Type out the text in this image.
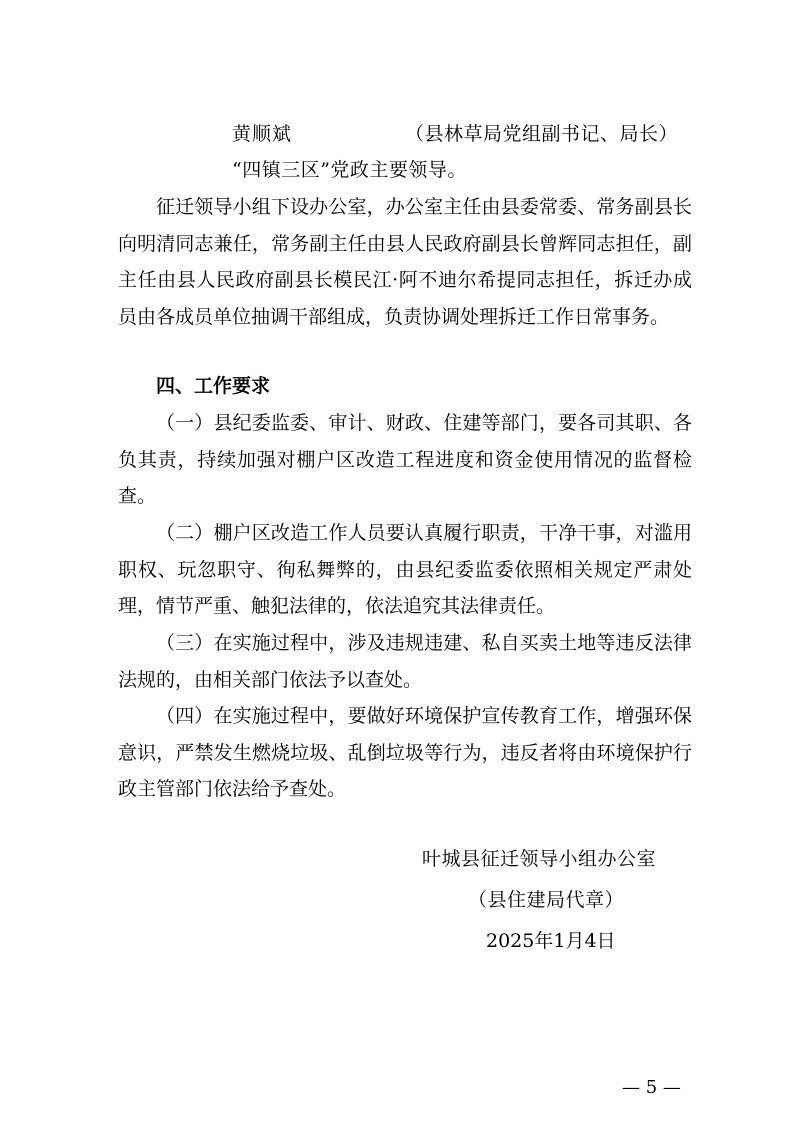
黄顺斌	（县林草局党组副书记、局长）
“四镇三区”党政主要领导。

征迁领导小组下设办公室，办公室主任由县委常委、常务副县长向明清同志兼任，常务副主任由县人民政府副县长曾辉同志担任，副主任由县人民政府副县长模民江·阿不迪尔希提同志担任，拆迁办成员由各成员单位抽调干部组成，负责协调处理拆迁工作日常事务。

四、工作要求

（一）县纪委监委、审计、财政、住建等部门，要各司其职、各负其责，持续加强对棚户区改造工程进度和资金使用情况的监督检查。

（二）棚户区改造工作人员要认真履行职责，干净干事，对滥用职权、玩忽职守、徇私舞弊的，由县纪委监委依照相关规定严肃处理，情节严重、触犯法律的，依法追究其法律责任。

（三）在实施过程中，涉及违规违建、私自买卖土地等违反法律法规的，由相关部门依法予以查处。

（四）在实施过程中，要做好环境保护宣传教育工作，增强环保意识，严禁发生燃烧垃圾、乱倒垃圾等行为，违反者将由环境保护行政主管部门依法给予查处。

叶城县征迁领导小组办公室
（县住建局代章）
2025年1月4日
— 5 —
